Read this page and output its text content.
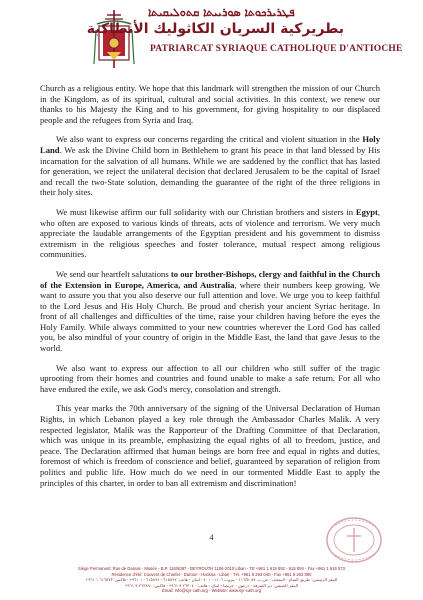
ܦܛܪܝܪܟܘܬܐ ܣܘܪܝܝܬܐ ܩܬܘܠܝܩܝܬܐ
بطريركية السريان الكاثوليك الأنطاكية
PATRIARCAT SYRIAQUE CATHOLIQUE D'ANTIOCHE

Church as a religious entity. We hope that this landmark will strengthen the mission of our Church in the Kingdom, as of its spiritual, cultural and social activities. In this context, we renew our thanks to his Majesty the King and to his government, for giving hospitality to our displaced people and the refugees from Syria and Iraq.

We also want to express our concerns regarding the critical and violent situation in the Holy Land. We ask the Divine Child born in Bethlehem to grant his peace in that land blessed by His incarnation for the salvation of all humans. While we are saddened by the conflict that has lasted for generation, we reject the unilateral decision that declared Jerusalem to be the capital of Israel and recall the two-State solution, demanding the guarantee of the right of the three religions in their holy sites.

We must likewise affirm our full solidarity with our Christian brothers and sisters in Egypt, who often are exposed to various kinds of threats, acts of violence and terrorism. We very much appreciate the laudable arrangements of the Egyptian president and his government to dismiss extremism in the religious speeches and foster tolerance, mutual respect among religious communities.

We send our heartfelt salutations to our brother-Bishops, clergy and faithful in the Church of the Extension in Europe, America, and Australia, where their numbers keep growing. We want to assure you that you also deserve our full attention and love. We urge you to keep faithful to the Lord Jesus and His Holy Church. Be proud and cherish your ancient Syriac heritage. In front of all challenges and difficulties of the time, raise your children having before the eyes the Holy Family. While always committed to your new countries wherever the Lord God has called you, be also mindful of your country of origin in the Middle East, the land that gave Jesus to the world.

We also want to express our affection to all our children who still suffer of the tragic uprooting from their homes and countries and found unable to make a safe return. For all who have endured the exile, we ask God's mercy, consolation and strength.

This year marks the 70th anniversary of the signing of the Universal Declaration of Human Rights, in which Lebanon played a key role through the Ambassador Charles Malik. A very respected legislator, Malik was the Rapporteur of the Drafting Committee of that Declaration, which was unique in its preamble, emphasizing the equal rights of all to freedom, justice, and peace. The Declaration affirmed that human beings are born free and equal in rights and duties, foremost of which is freedom of conscience and belief, guaranteed by separation of religion from politics and public life. How much do we need in our tormented Middle East to apply the principles of this charter, in order to ban all extremism and discrimination!

4
Siège Permanent: Rue de Damas - Musée - B.P. 116/5087 - BEYROUTH 1106-2010 Liban - TE +961 1 615 892 - 615 894 - Fax +961 1 616 573
Résidence d'été: Couvent de Charfet - Daroun - Harissa - Liban - Tél. +961 9 263 040 - Fax +961 9 263 890
المقر الرئيسي: طريق الشام - المتحف - ص.ب. ١١٦/٥٠٨٧ - بيروت ١١٠٦-٢٠١٠ - لبنان - هاتف: ٦١٥٨٩٢ - ٦١٥٨٩٤ - ١ ٩٦١+ - فاكس: ٦١٦٥٧٣ ١ ٩٦١+
المقر الصيفي: دير الشرفة - درعون - حريصا - لبنان - هاتف: ٢٦٣٠٤٠ ٩ ٩٦١+ - فاكس: ٢٦٣٨٩٠ ٩ ٩٦١+
Email: info@syr-cath.org - Website: www.syr-cath.org
